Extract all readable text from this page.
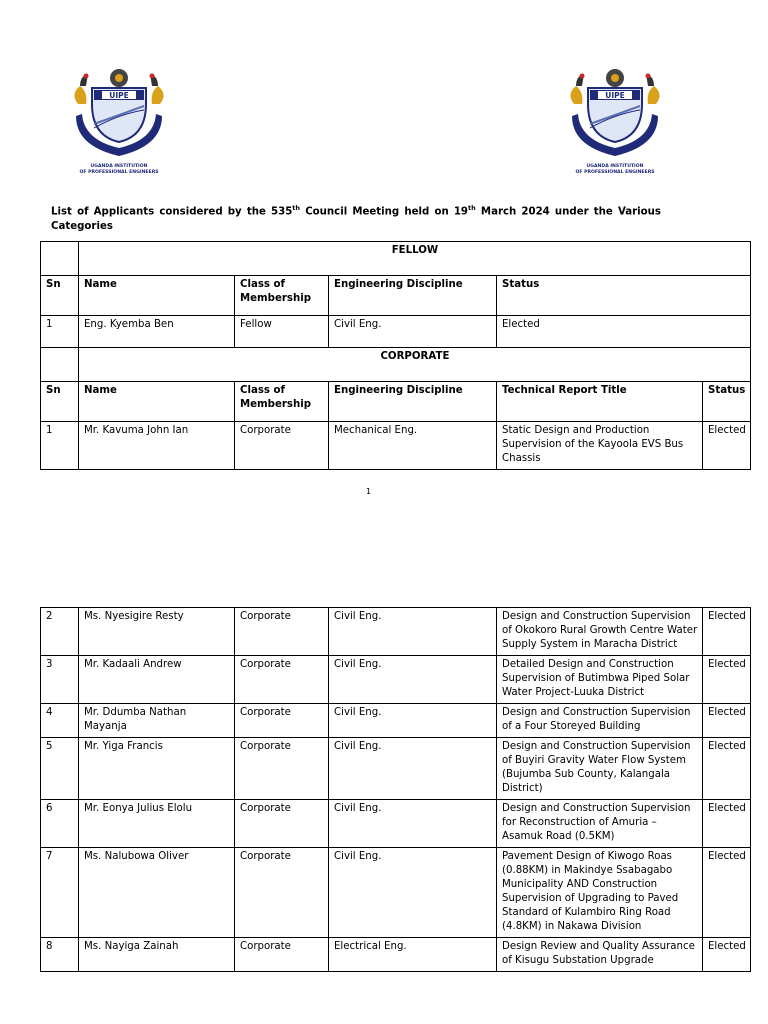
UIPE
UGANDA INSTITUTION
OF PROFESSIONAL ENGINEERS
UIPE
UGANDA INSTITUTION
OF PROFESSIONAL ENGINEERS
List of Applicants considered by the 535th Council Meeting held on 19th March 2024 under the Various Categories
	FELLOW				
Sn	Name	Class of Membership	Engineering Discipline	Status	
1	Eng. Kyemba Ben	Fellow	Civil Eng.	Elected	
	CORPORATE				
Sn	Name	Class of Membership	Engineering Discipline	Technical Report Title	Status
1	Mr. Kavuma John Ian	Corporate	Mechanical Eng.	Static Design and Production Supervision of the Kayoola EVS Bus Chassis	Elected
1
2	Ms. Nyesigire Resty	Corporate	Civil Eng.	Design and Construction Supervision of Okokoro Rural Growth Centre Water Supply System in Maracha District	Elected
3	Mr. Kadaali Andrew	Corporate	Civil Eng.	Detailed Design and Construction Supervision of Butimbwa Piped Solar Water Project-Luuka District	Elected
4	Mr. Ddumba Nathan Mayanja	Corporate	Civil Eng.	Design and Construction Supervision of a Four Storeyed Building	Elected
5	Mr. Yiga Francis	Corporate	Civil Eng.	Design and Construction Supervision of Buyiri Gravity Water Flow System (Bujumba Sub County, Kalangala District)	Elected
6	Mr. Eonya Julius Elolu	Corporate	Civil Eng.	Design and Construction Supervision for Reconstruction of Amuria – Asamuk Road (0.5KM)	Elected
7	Ms. Nalubowa Oliver	Corporate	Civil Eng.	Pavement Design of Kiwogo Roas (0.88KM) in Makindye Ssabagabo Municipality AND Construction Supervision of Upgrading to Paved Standard of Kulambiro Ring Road (4.8KM) in Nakawa Division	Elected
8	Ms. Nayiga Zainah	Corporate	Electrical Eng.	Design Review and Quality Assurance of Kisugu Substation Upgrade	Elected
